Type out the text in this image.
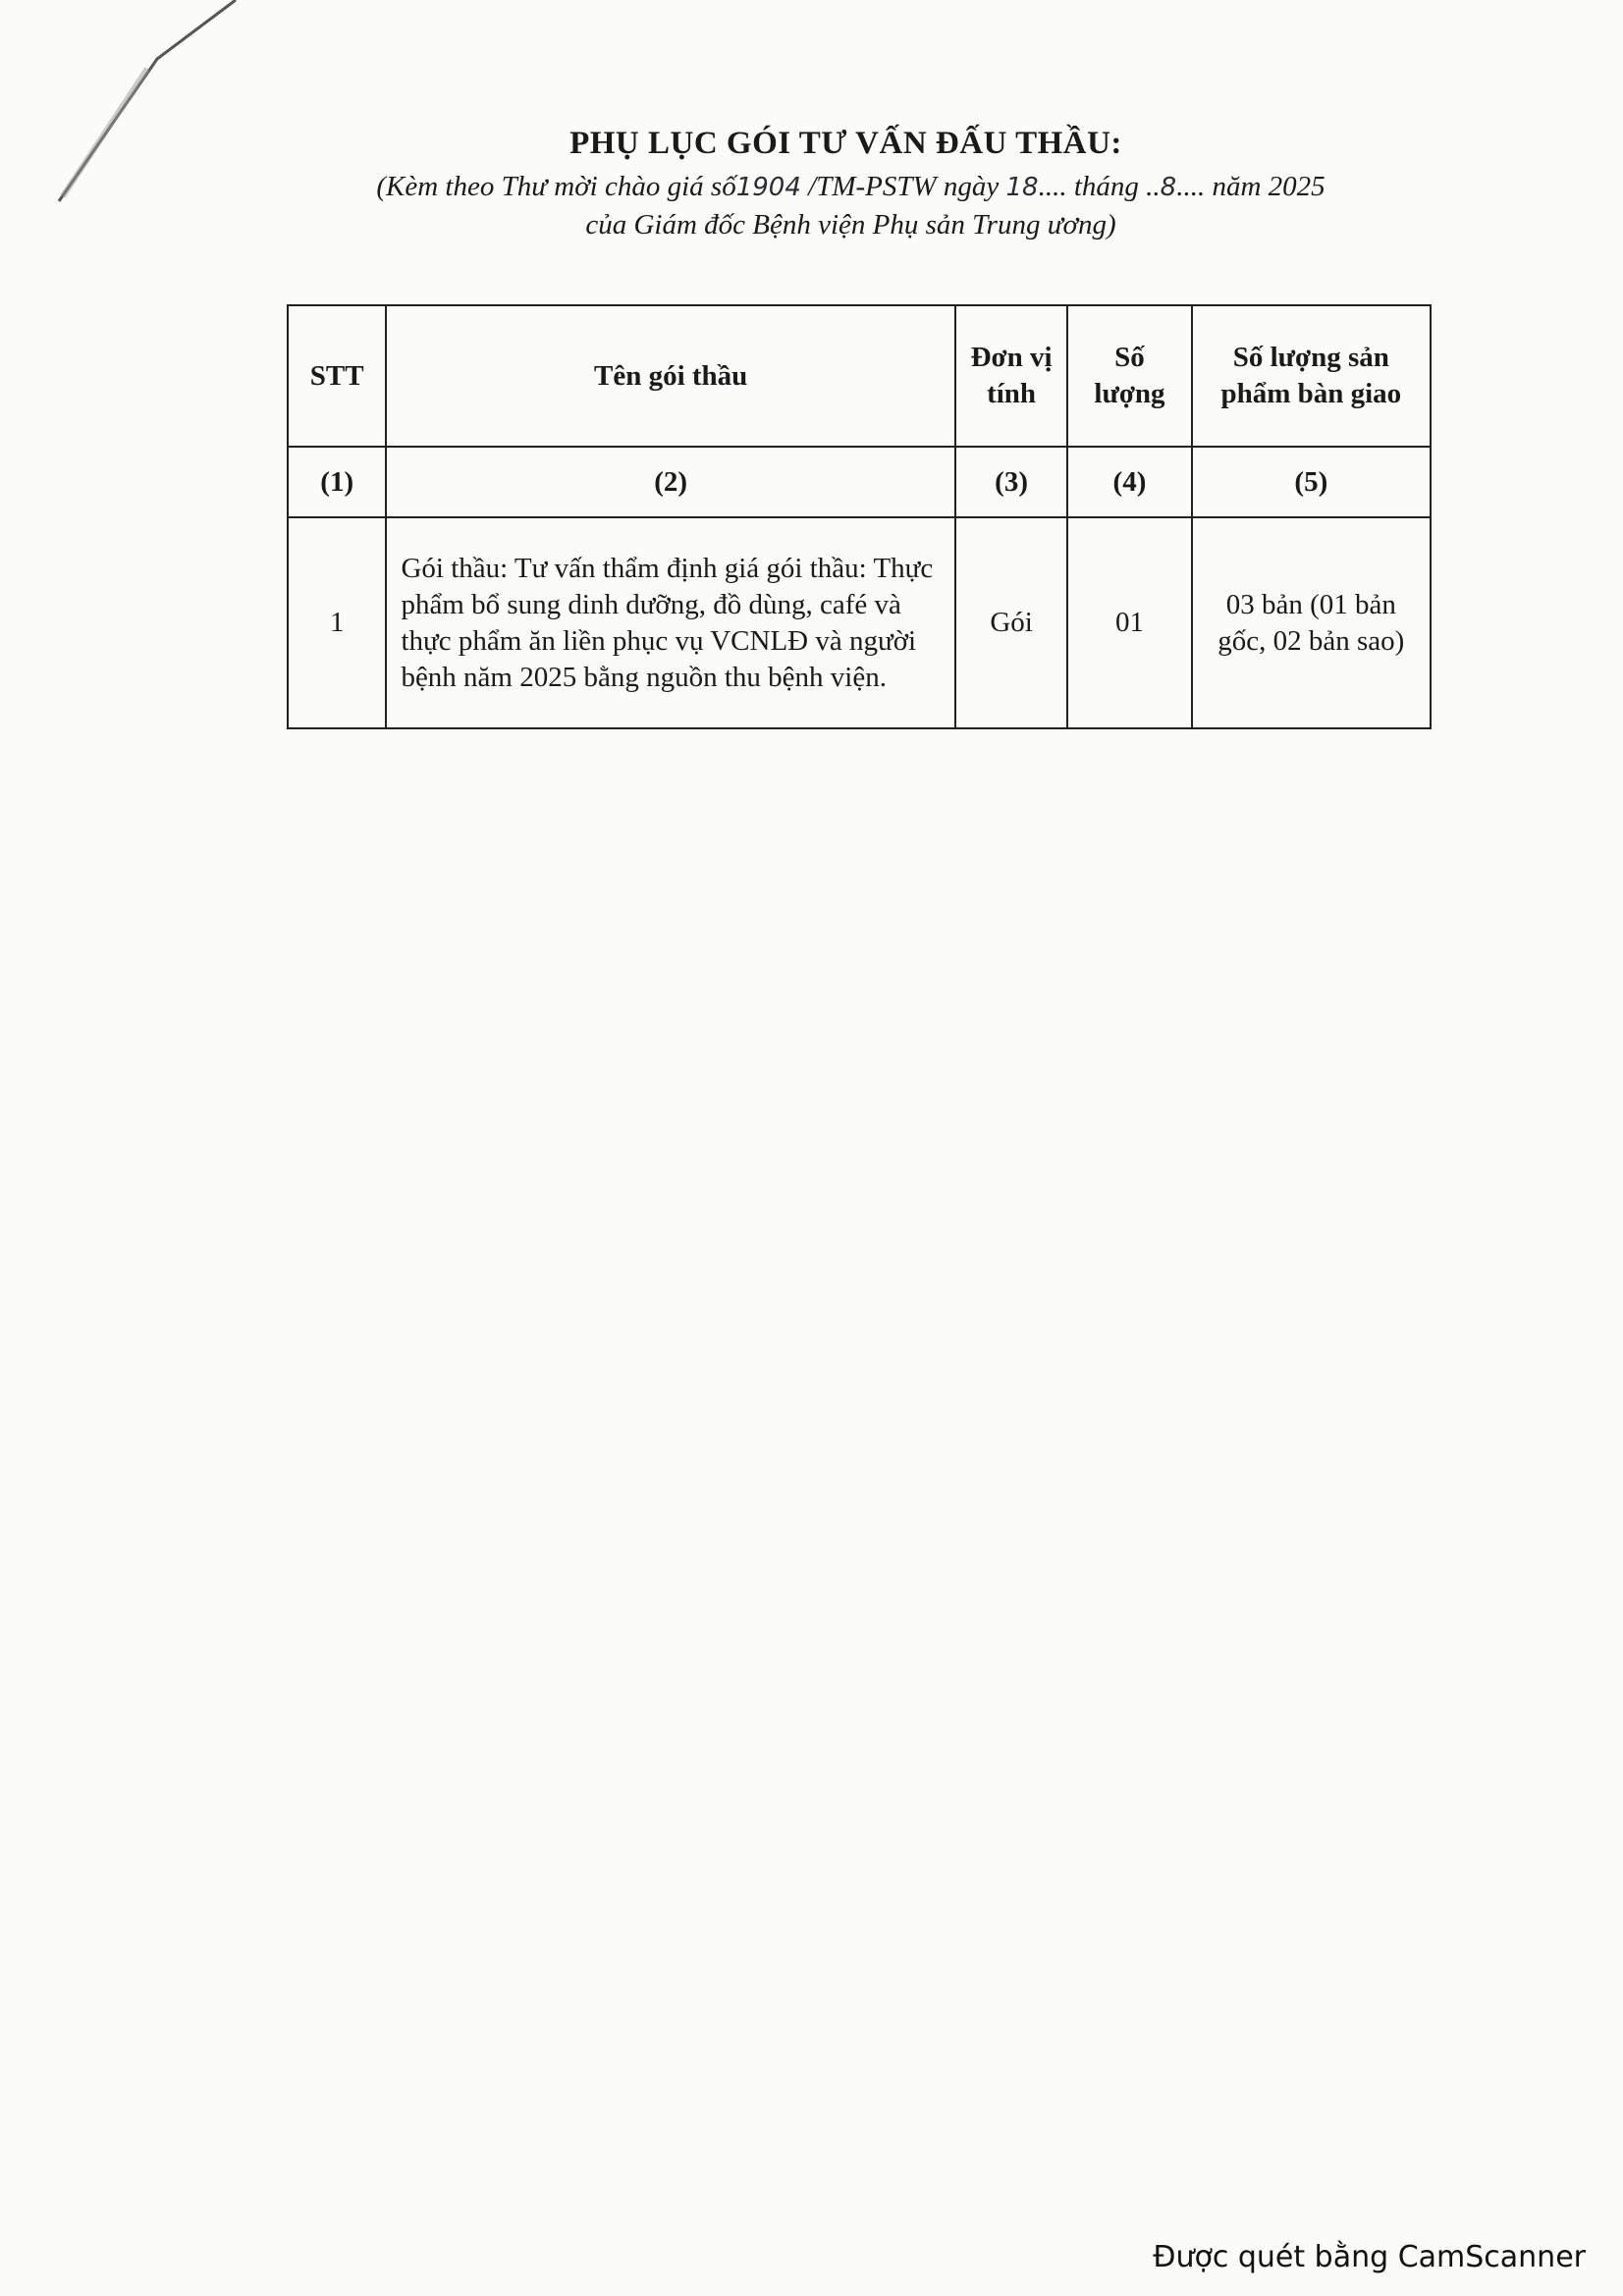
PHỤ LỤC GÓI TƯ VẤN ĐẤU THẦU:
(Kèm theo Thư mời chào giá số1904 /TM-PSTW ngày 18.... tháng ..8.... năm 2025
của Giám đốc Bệnh viện Phụ sản Trung ương)
STT	Tên gói thầu	Đơn vị tính	Số lượng	Số lượng sản phẩm bàn giao
(1)	(2)	(3)	(4)	(5)
1	Gói thầu: Tư vấn thẩm định giá gói thầu: Thực phẩm bổ sung dinh dưỡng, đồ dùng, café và thực phẩm ăn liền phục vụ VCNLĐ và người bệnh năm 2025 bằng nguồn thu bệnh viện.	Gói	01	03 bản (01 bản gốc, 02 bản sao)
Được quét bằng CamScanner
